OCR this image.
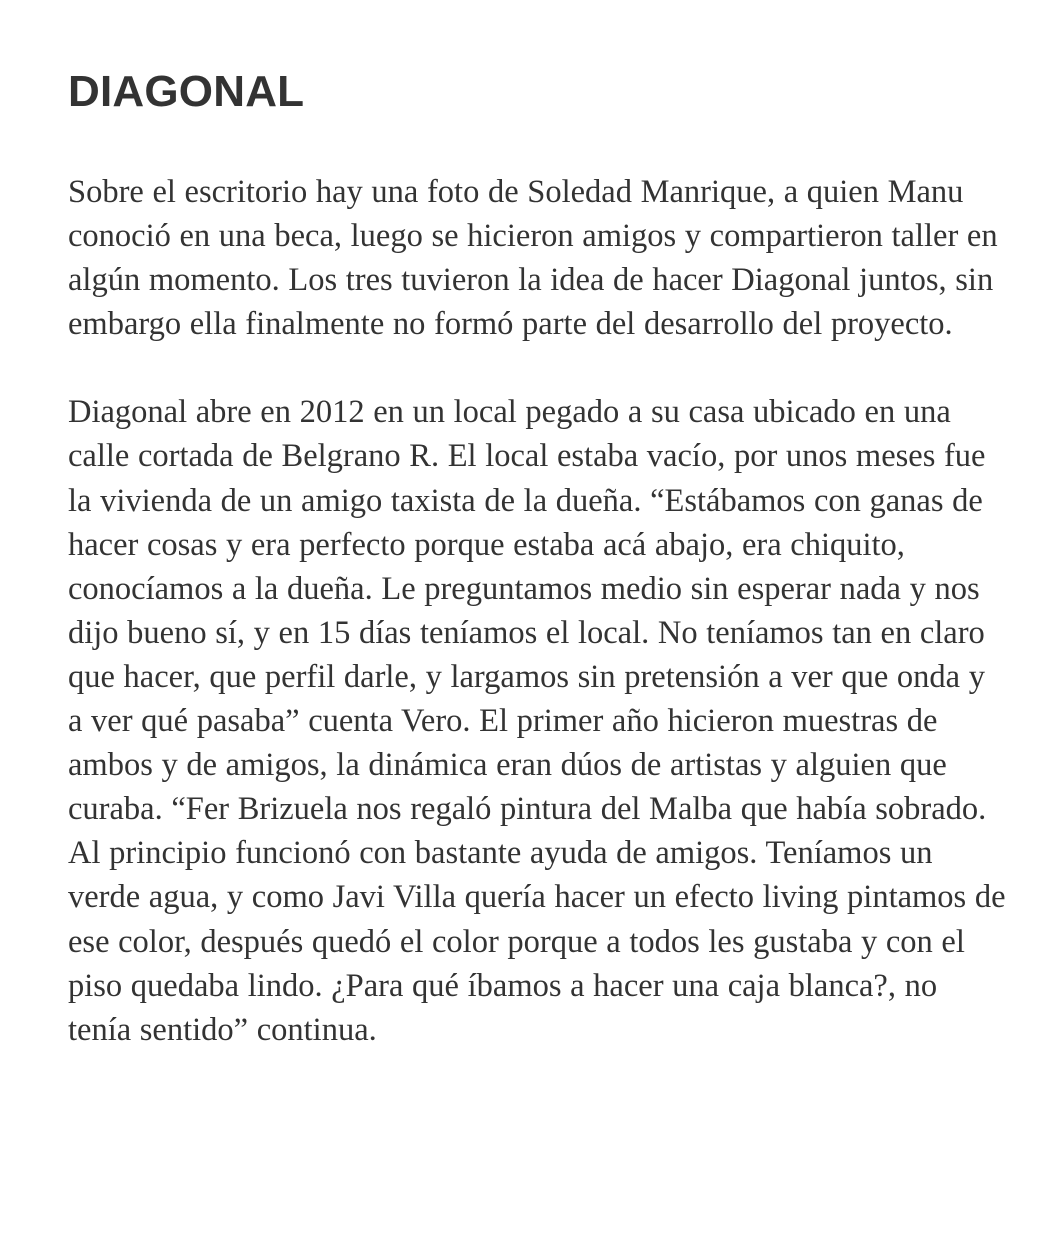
DIAGONAL

Sobre el escritorio hay una foto de Soledad Manrique, a quien Manu conoció en una beca, luego se hicieron amigos y compartieron taller en algún momento. Los tres tuvieron la idea de hacer Diagonal juntos, sin embargo ella finalmente no formó parte del desarrollo del proyecto.

Diagonal abre en 2012 en un local pegado a su casa ubicado en una calle cortada de Belgrano R. El local estaba vacío, por unos meses fue la vivienda de un amigo taxista de la dueña. “Estábamos con ganas de hacer cosas y era perfecto porque estaba acá abajo, era chiquito, conocíamos a la dueña. Le preguntamos medio sin esperar nada y nos dijo bueno sí, y en 15 días teníamos el local. No teníamos tan en claro que hacer, que perfil darle, y largamos sin pretensión a ver que onda y a ver qué pasaba” cuenta Vero. El primer año hicieron muestras de ambos y de amigos, la dinámica eran dúos de artistas y alguien que curaba. “Fer Brizuela nos regaló pintura del Malba que había sobrado. Al principio funcionó con bastante ayuda de amigos. Teníamos un verde agua, y como Javi Villa quería hacer un efecto living pintamos de ese color, después quedó el color porque a todos les gustaba y con el piso quedaba lindo. ¿Para qué íbamos a hacer una caja blanca?, no tenía sentido” continua.
